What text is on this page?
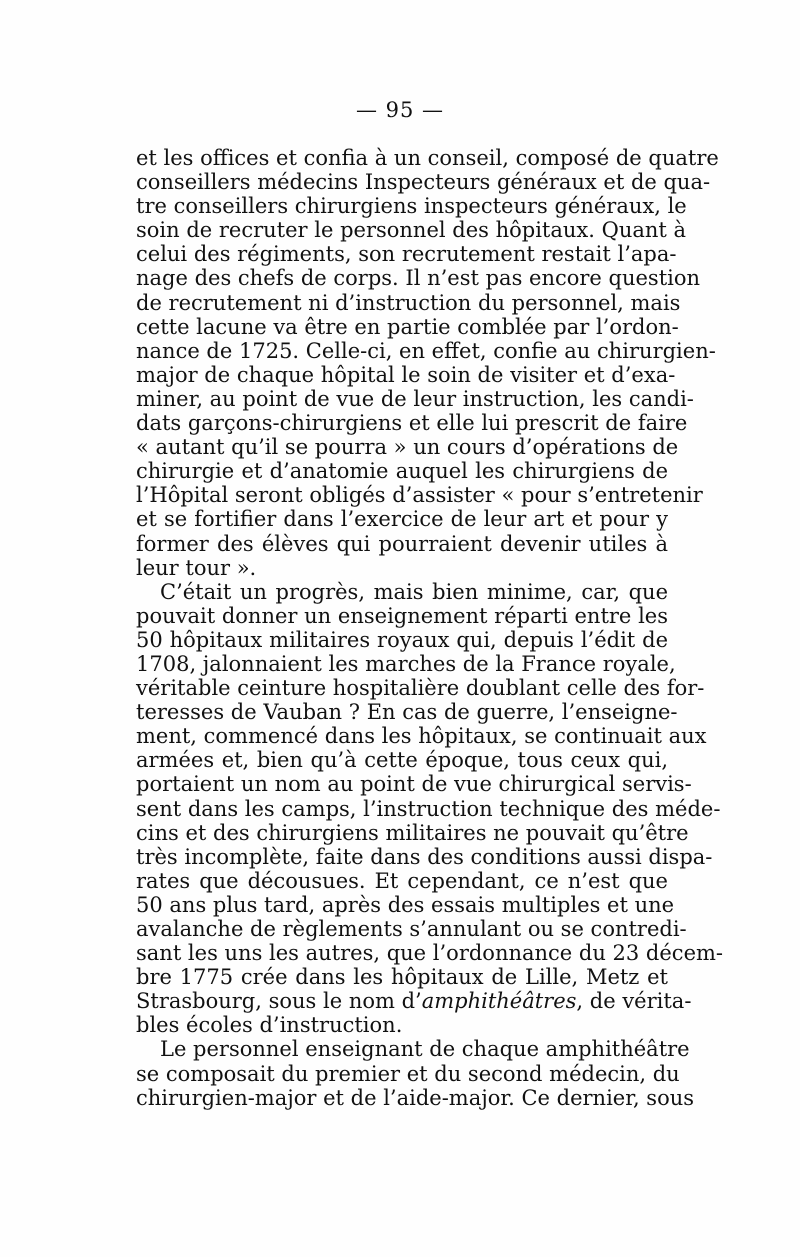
— 95 —
et les offices et confia à un conseil, composé de quatre
conseillers médecins Inspecteurs généraux et de qua-
tre conseillers chirurgiens inspecteurs généraux, le
soin de recruter le personnel des hôpitaux. Quant à
celui des régiments, son recrutement restait l’apa-
nage des chefs de corps. Il n’est pas encore question
de recrutement ni d’instruction du personnel, mais
cette lacune va être en partie comblée par l’ordon-
nance de 1725. Celle-ci, en effet, confie au chirurgien-
major de chaque hôpital le soin de visiter et d’exa-
miner, au point de vue de leur instruction, les candi-
dats garçons-chirurgiens et elle lui prescrit de faire
« autant qu’il se pourra » un cours d’opérations de
chirurgie et d’anatomie auquel les chirurgiens de
l’Hôpital seront obligés d’assister « pour s’entretenir
et se fortifier dans l’exercice de leur art et pour y
former des élèves qui pourraient devenir utiles à
leur tour ».
C’était un progrès, mais bien minime, car, que
pouvait donner un enseignement réparti entre les
50 hôpitaux militaires royaux qui, depuis l’édit de
1708, jalonnaient les marches de la France royale,
véritable ceinture hospitalière doublant celle des for-
teresses de Vauban ? En cas de guerre, l’enseigne-
ment, commencé dans les hôpitaux, se continuait aux
armées et, bien qu’à cette époque, tous ceux qui,
portaient un nom au point de vue chirurgical servis-
sent dans les camps, l’instruction technique des méde-
cins et des chirurgiens militaires ne pouvait qu’être
très incomplète, faite dans des conditions aussi dispa-
rates que décousues. Et cependant, ce n’est que
50 ans plus tard, après des essais multiples et une
avalanche de règlements s’annulant ou se contredi-
sant les uns les autres, que l’ordonnance du 23 décem-
bre 1775 crée dans les hôpitaux de Lille, Metz et
Strasbourg, sous le nom d’amphithéâtres, de vérita-
bles écoles d’instruction.
Le personnel enseignant de chaque amphithéâtre
se composait du premier et du second médecin, du
chirurgien-major et de l’aide-major. Ce dernier, sous
